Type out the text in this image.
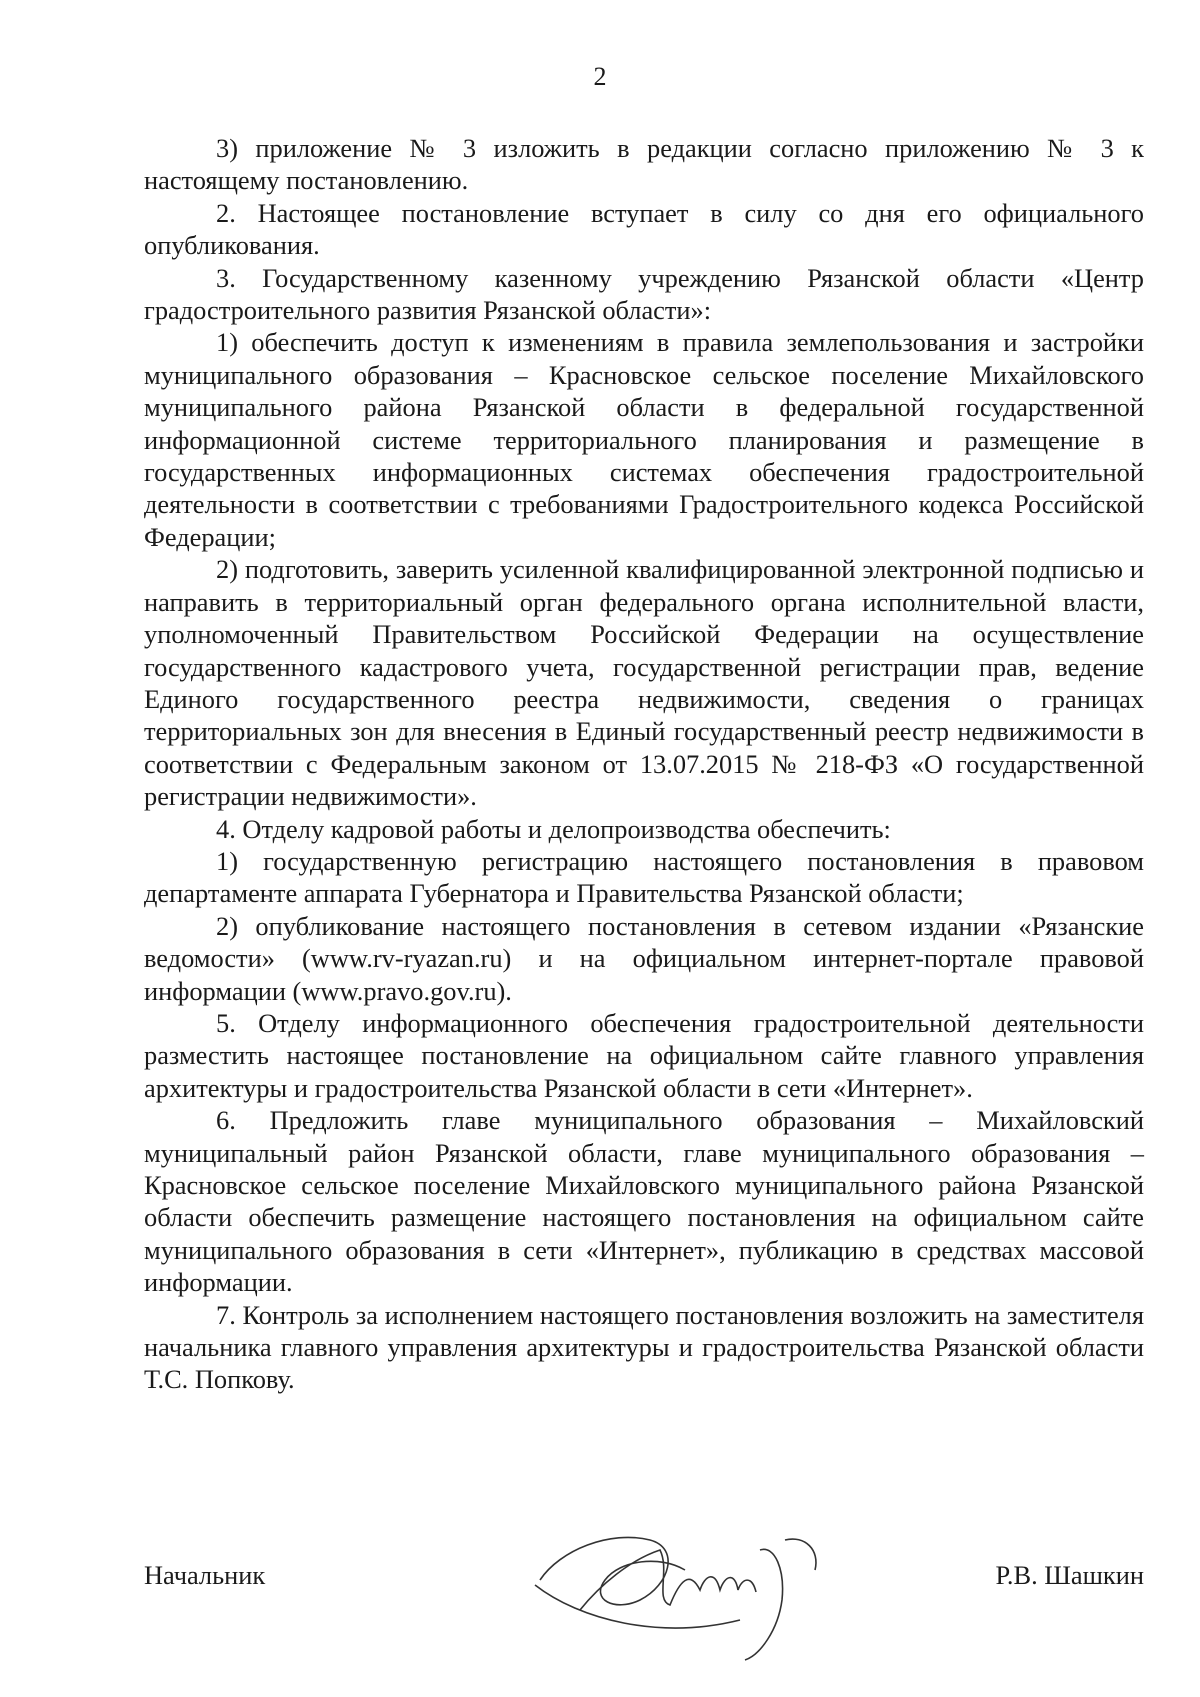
2

3) приложение № 3 изложить в редакции согласно приложению № 3 к настоящему постановлению.

2. Настоящее постановление вступает в силу со дня его официального опубликования.

3. Государственному казенному учреждению Рязанской области «Центр градостроительного развития Рязанской области»:

1) обеспечить доступ к изменениям в правила землепользования и застройки муниципального образования – Красновское сельское поселение Михайловского муниципального района Рязанской области в федеральной государственной информационной системе территориального планирования и размещение в государственных информационных системах обеспечения градостроительной деятельности в соответствии с требованиями Градостроительного кодекса Российской Федерации;

2) подготовить, заверить усиленной квалифицированной электронной подписью и направить в территориальный орган федерального органа исполнительной власти, уполномоченный Правительством Российской Федерации на осуществление государственного кадастрового учета, государственной регистрации прав, ведение Единого государственного реестра недвижимости, сведения о границах территориальных зон для внесения в Единый государственный реестр недвижимости в соответствии с Федеральным законом от 13.07.2015 № 218-ФЗ «О государственной регистрации недвижимости».

4. Отделу кадровой работы и делопроизводства обеспечить:

1) государственную регистрацию настоящего постановления в правовом департаменте аппарата Губернатора и Правительства Рязанской области;

2) опубликование настоящего постановления в сетевом издании «Рязанские ведомости» (www.rv-ryazan.ru) и на официальном интернет-портале правовой информации (www.pravo.gov.ru).

5. Отделу информационного обеспечения градостроительной деятельности разместить настоящее постановление на официальном сайте главного управления архитектуры и градостроительства Рязанской области в сети «Интернет».

6. Предложить главе муниципального образования – Михайловский муниципальный район Рязанской области, главе муниципального образования – Красновское сельское поселение Михайловского муниципального района Рязанской области обеспечить размещение настоящего постановления на официальном сайте муниципального образования в сети «Интернет», публикацию в средствах массовой информации.

7. Контроль за исполнением настоящего постановления возложить на заместителя начальника главного управления архитектуры и градостроительства Рязанской области Т.С. Попкову.

Начальник	Р.В. Шашкин
